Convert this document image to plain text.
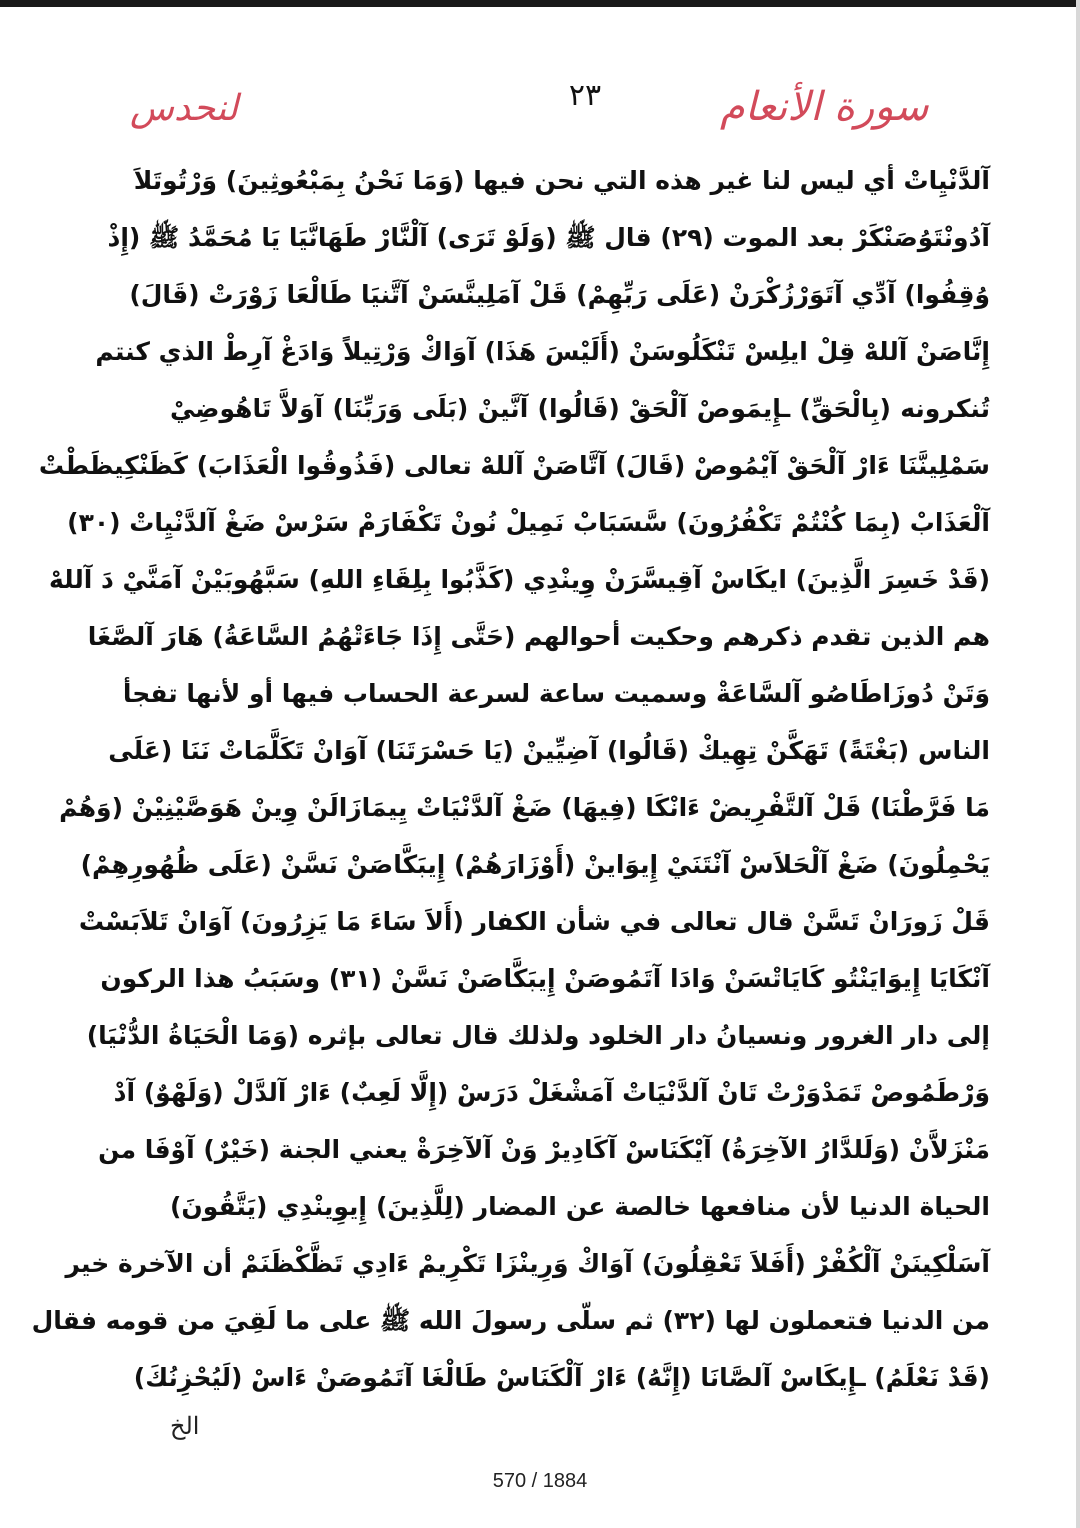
لنحدس	٢٣	سورة الأنعام
آلدَّنْيِاتْ أي ليس لنا غير هذه التي نحن فيها (وَمَا نَحْنُ بِمَبْعُوثِينَ) وَرْتُوتَلاَ
آدُونْتَوُصَنْكَرْ بعد الموت (٢٩) قال ﷺ (وَلَوْ تَرَى) آلْنَّارْ طَهَانَّيَا يَا مُحَمَّدُ ﷺ (إِذْ
وُقِفُوا) آدِّي آتَوَرْزُكْرَنْ (عَلَى رَبِّهِمْ) قَلْ آمَلِينَّسَنْ آتَّنيَا طَالْعَا زَوْرَتْ (قَالَ)
إِنَّاصَنْ آللهْ قِلْ ايلِسْ تَنْكَلُوسَنْ (أَلَيْسَ هَذَا) آوَاكْ وَرْتِيلاً وَادَغْ آرِطْ الذي كنتم
تُنكرونه (بِالْحَقِّ) ـإِيمَوصْ آلْحَقْ (قَالُوا) آنَّينْ (بَلَى وَرَبِّنَا) آوَلاَّ تَاهُوضِيْ
سَمْلِينَّنَا ءَارْ آلْحَقْ آيْمُوصْ (قَالَ) آتَّاصَنْ آللهْ تعالى (فَذُوقُوا الْعَذَابَ) كَظَنْكِيظَطْتْ
آلْعَذَابْ (بِمَا كُنْتُمْ تَكْفُرُونَ) سَّسَبَابْ نَمِيلْ نُونْ تَكْفَارَمْ سَرْسْ ضَغْ آلدَّنْيِاتْ (٣٠)
(قَدْ خَسِرَ الَّذِينَ) ايكَاسْ آقِيسَّرَنْ وِينْدِي (كَذَّبُوا بِلِقَاءِ اللهِ) سَبَّهُوبَيْنْ آمَنَّيْ دَ آللهْ
هم الذين تقدم ذكرهم وحكيت أحوالهم (حَتَّى إِذَا جَاءَتْهُمُ السَّاعَةُ) هَارَ آلصَّغَا
وَتَنْ دُوزَاطَاصُو آلسَّاعَةْ وسميت ساعة لسرعة الحساب فيها أو لأنها تفجأ
الناس (بَغْتَةً) تَهَكَّنْ تِهِيكْ (قَالُوا) آضِيِّينْ (يَا حَسْرَتَنَا) آوَانْ تَكَلَّمَاتْ نَنَا (عَلَى
مَا فَرَّطْنَا) قَلْ آلتَّفْرِيضْ ءَانْكَا (فِيهَا) ضَغْ آلدَّنْيَاتْ يِيمَازَالَنْ وِينْ هَوَصَّيْنِيْنْ (وَهُمْ
يَحْمِلُونَ) ضَغْ آلْحَلاَسْ آنْتَنَيْ إِيوَاينْ (أَوْزَارَهُمْ) إِيبَكَّاصَنْ نَسَّنْ (عَلَى ظُهُورِهِمْ)
قَلْ زَورَانْ تَسَّنْ قال تعالى في شأن الكفار (أَلاَ سَاءَ مَا يَزِرُونَ) آوَانْ تَلاَبَسْتْ
آنْكَايَا إِيوَايَنْتُو كَايَاتْسَنْ وَادَا آتَمُوصَنْ إِيبَكَّاصَنْ نَسَّنْ (٣١) وسَبَبُ هذا الركون
إلى دار الغرور ونسيانُ دار الخلود ولذلك قال تعالى بإثره (وَمَا الْحَيَاةُ الدُّنْيَا)
وَرْطَمُوصْ تَمَدْوَرْتْ تَانْ آلدَّنْيَاتْ آمَشْغَلْ دَرَسْ (إِلَّا لَعِبٌ) ءَارْ آلدَّلْ (وَلَهْوٌ) آدْ
مَنْزَلاَّنْ (وَلَلدَّارُ الآخِرَةُ) آيْكَنَاسْ آكَادِيرْ وَنْ آلآخِرَةْ يعني الجنة (خَيْرٌ) آوْفَا من
الحياة الدنيا لأن منافعها خالصة عن المضار (لِلَّذِينَ) إِيوِينْدِي (يَتَّقُونَ)
آسَلْكِينَنْ آلْكُفْرْ (أَفَلاَ تَعْقِلُونَ) آوَاكْ وَرِينْزَا تَكْرِيمْ ءَادِي تَظَّكْظَنَمْ أن الآخرة خير
من الدنيا فتعملون لها (٣٢) ثم سلّى رسولَ الله ﷺ على ما لَقِيَ من قومه فقال
(قَدْ نَعْلَمُ) ـإِيكَاسْ آلصَّانَا (إِنَّهُ) ءَارْ آلْكَنَاسْ طَالْغَا آتَمُوصَنْ ءَاسْ (لَيُحْزِنُكَ)
الخ
570 / 1884
